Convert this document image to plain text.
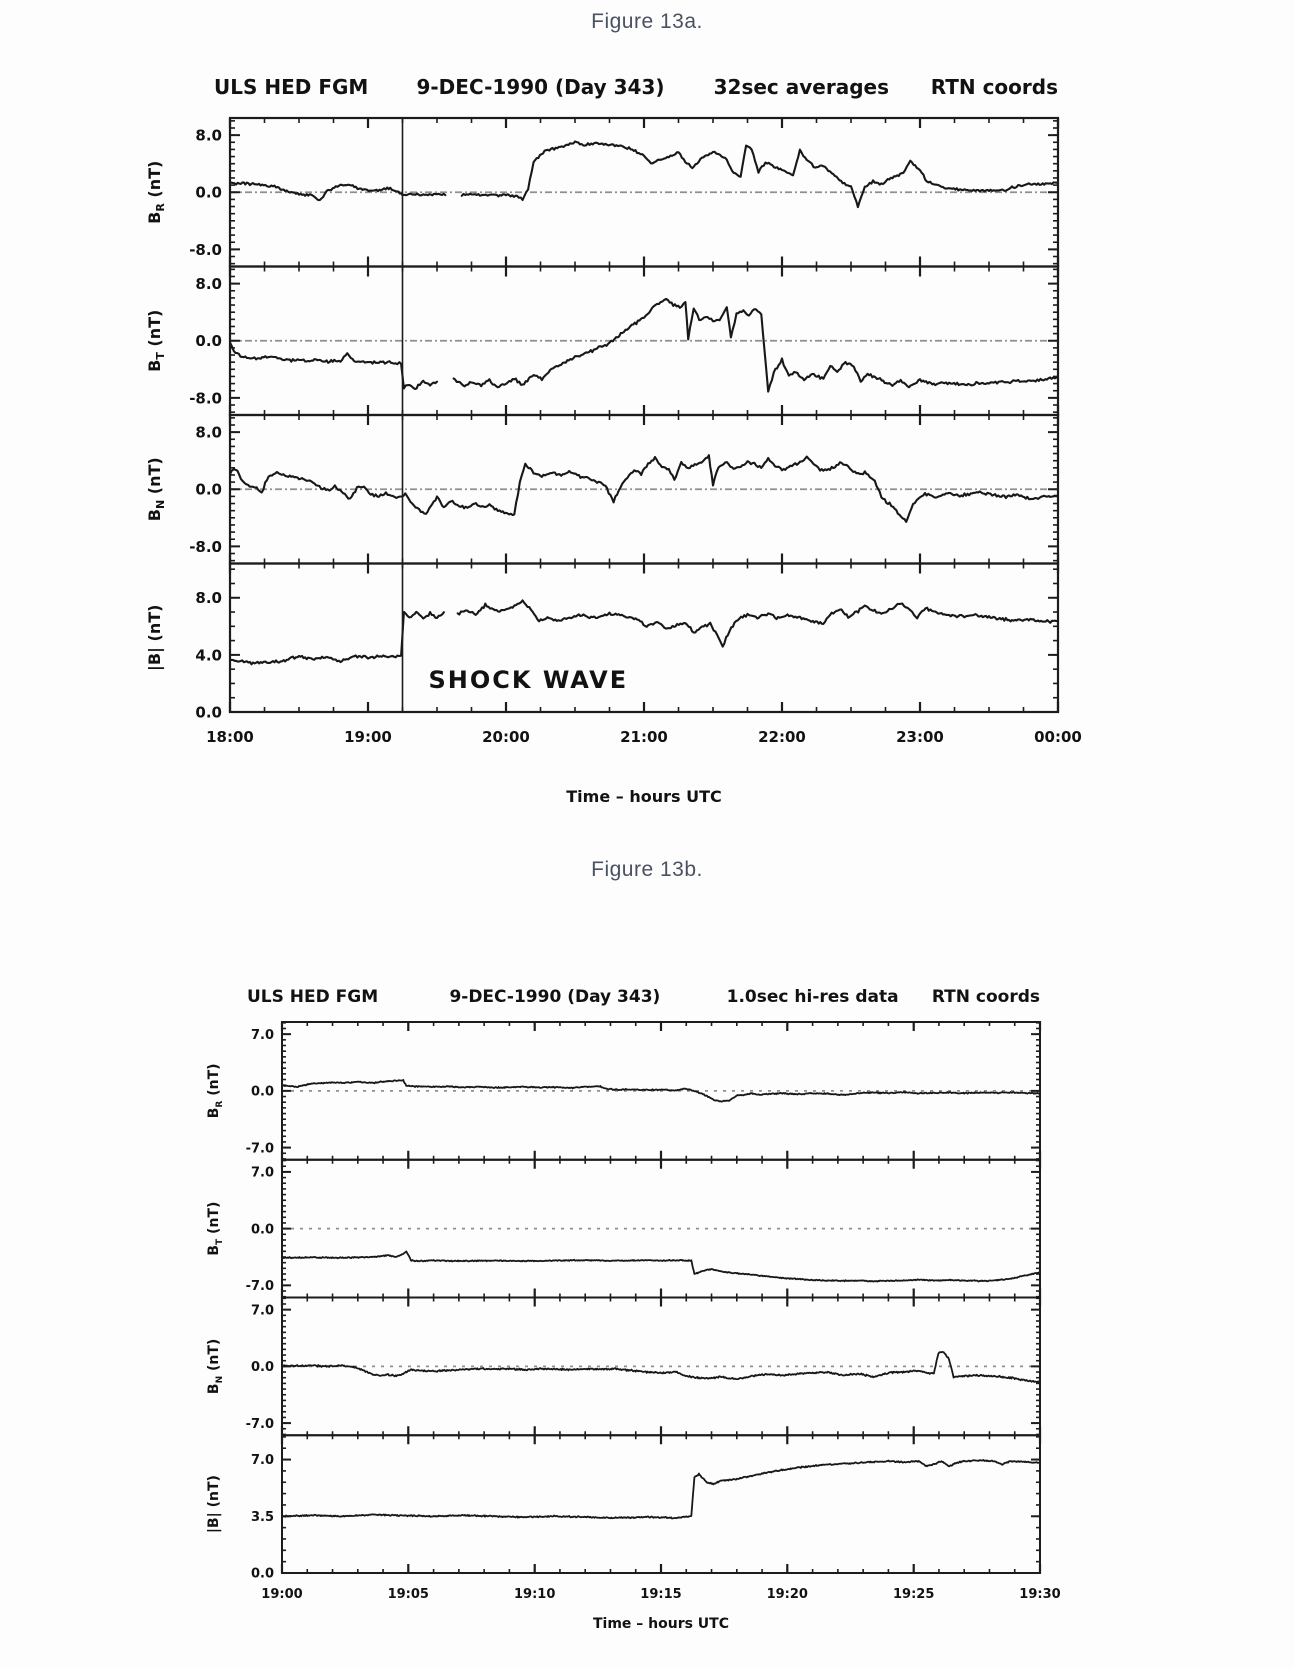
Figure 13a.
ULS HED FGM 9-DEC-1990 (Day 343) 32sec averages RTN coords
8.0
0.0
-8.0
$B_R$ (nT)
8.0
0.0
-8.0
$B_T$ (nT)
8.0
0.0
-8.0
$B_N$ (nT)
8.0
4.0
0.0
|B| (nT)
18:00	19:00	20:00	21:00	22:00	23:00	00:00
SHOCK WAVE
Time – hours UTC
Figure 13b.
ULS HED FGM	9-DEC-1990 (Day 343)	1.0sec hi-res data RTN coords
7.0
0.0
-7.0
$B_R$ (nT)
7.0
0.0
-7.0
$B_T$ (nT)
7.0
0.0
-7.0
$B_N$ (nT)
7.0
3.5
0.0
|B| (nT)
19:00	19:05	19:10	19:15	19:20	19:25	19:30
Time – hours UTC
